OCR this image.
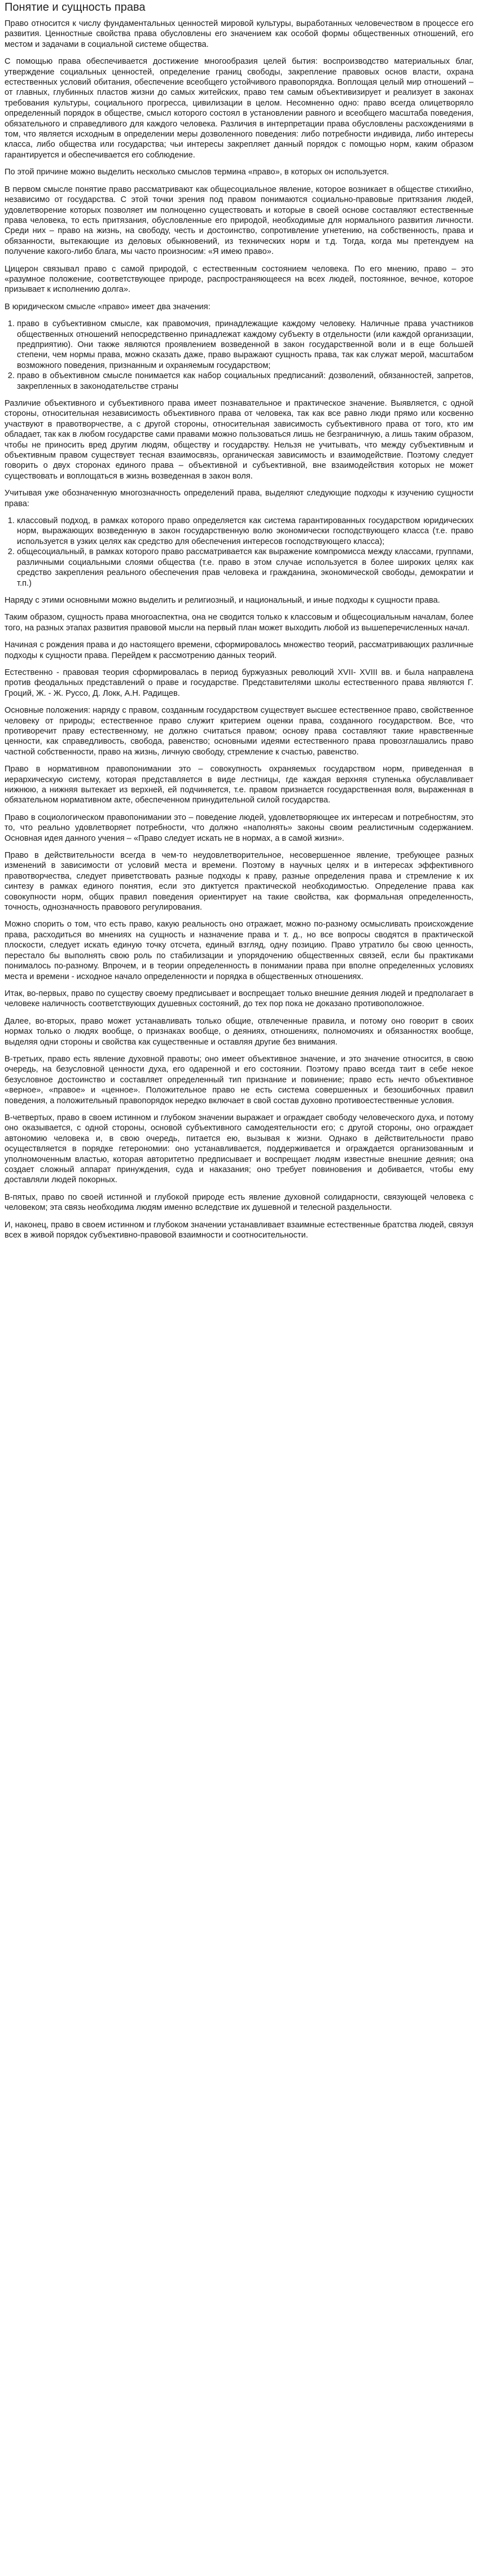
Понятие и сущность права

Право относится к числу фундаментальных ценностей мировой культуры, выработанных человечеством в процессе его развития. Ценностные свойства права обусловлены его значением как особой формы общественных отношений, его местом и задачами в социальной системе общества.

С помощью права обеспечивается достижение многообразия целей бытия: воспроизводство материальных благ, утверждение социальных ценностей, определение границ свободы, закрепление правовых основ власти, охрана естественных условий обитания, обеспечение всеобщего устойчивого правопорядка. Воплощая целый мир отношений – от главных, глубинных пластов жизни до самых житейских, право тем самым объективизирует и реализует в законах требования культуры, социального прогресса, цивилизации в целом. Несомненно одно: право всегда олицетворяло определенный порядок в обществе, смысл которого состоял в установлении равного и всеобщего масштаба поведения, обязательного и справедливого для каждого человека. Различия в интерпретации права обусловлены расхождениями в том, что является исходным в определении меры дозволенного поведения: либо потребности индивида, либо интересы класса, либо общества или государства; чьи интересы закрепляет данный порядок с помощью норм, каким образом гарантируется и обеспечивается его соблюдение.

По этой причине можно выделить несколько смыслов термина «право», в которых он используется.

В первом смысле понятие право рассматривают как общесоциальное явление, которое возникает в обществе стихийно, независимо от государства. С этой точки зрения под правом понимаются социально-правовые притязания людей, удовлетворение которых позволяет им полноценно существовать и которые в своей основе составляют естественные права человека, то есть притязания, обусловленные его природой, необходимые для нормального развития личности. Среди них – право на жизнь, на свободу, честь и достоинство, сопротивление угнетению, на собственность, права и обязанности, вытекающие из деловых обыкновений, из технических норм и т.д. Тогда, когда мы претендуем на получение какого-либо блага, мы часто произносим: «Я имею право».

Цицерон связывал право с самой природой, с естественным состоянием человека. По его мнению, право – это «разумное положение, соответствующее природе, распространяющееся на всех людей, постоянное, вечное, которое призывает к исполнению долга».

В юридическом смысле «право» имеет два значения:

1. право в субъективном смысле, как правомочия, принадлежащие каждому человеку. Наличные права участников общественных отношений непосредственно принадлежат каждому субъекту в отдельности (или каждой организации, предприятию). Они также являются проявлением возведенной в закон государственной воли и в еще большей степени, чем нормы права, можно сказать даже, право выражают сущность права, так как служат мерой, масштабом возможного поведения, признанным и охраняемым государством;
2. право в объективном смысле понимается как набор социальных предписаний: дозволений, обязанностей, запретов, закрепленных в законодательстве страны

Различие объективного и субъективного права имеет познавательное и практическое значение. Выявляется, с одной стороны, относительная независимость объективного права от человека, так как все равно люди прямо или косвенно участвуют в правотворчестве, а с другой стороны, относительная зависимость субъективного права от того, кто им обладает, так как в любом государстве сами правами можно пользоваться лишь не безграничную, а лишь таким образом, чтобы не приносить вред другим людям, обществу и государству. Нельзя не учитывать, что между субъективным и объективным правом существует тесная взаимосвязь, органическая зависимость и взаимодействие. Поэтому следует говорить о двух сторонах единого права – объективной и субъективной, вне взаимодействия которых не может существовать и воплощаться в жизнь возведенная в закон воля.

Учитывая уже обозначенную многозначность определений права, выделяют следующие подходы к изучению сущности права:

1. классовый подход, в рамках которого право определяется как система гарантированных государством юридических норм, выражающих возведенную в закон государственную волю экономически господствующего класса (т.е. право используется в узких целях как средство для обеспечения интересов господствующего класса);
2. общесоциальный, в рамках которого право рассматривается как выражение компромисса между классами, группами, различными социальными слоями общества (т.е. право в этом случае используется в более широких целях как средство закрепления реального обеспечения прав человека и гражданина, экономической свободы, демократии и т.п.)

Наряду с этими основными можно выделить и религиозный, и национальный, и иные подходы к сущности права.

Таким образом, сущность права многоаспектна, она не сводится только к классовым и общесоциальным началам, более того, на разных этапах развития правовой мысли на первый план может выходить любой из вышеперечисленных начал.

Начиная с рождения права и до настоящего времени, сформировалось множество теорий, рассматривающих различные подходы к сущности права. Перейдем к рассмотрению данных теорий.

Естественно - правовая теория сформировалась в период буржуазных революций XVII- XVIII вв. и была направлена против феодальных представлений о праве и государстве. Представителями школы естественного права являются Г. Гроций, Ж. - Ж. Руссо, Д. Локк, А.Н. Радищев.

Основные положения: наряду с правом, созданным государством существует высшее естественное право, свойственное человеку от природы; естественное право служит критерием оценки права, созданного государством. Все, что противоречит праву естественному, не должно считаться правом; основу права составляют такие нравственные ценности, как справедливость, свобода, равенство; основными идеями естественного права провозглашались право частной собственности, право на жизнь, личную свободу, стремление к счастью, равенство.

Право в нормативном правопонимании это – совокупность охраняемых государством норм, приведенная в иерархическую систему, которая представляется в виде лестницы, где каждая верхняя ступенька обуславливает нижнюю, а нижняя вытекает из верхней, ей подчиняется, т.е. правом признается государственная воля, выраженная в обязательном нормативном акте, обеспеченном принудительной силой государства.

Право в социологическом правопонимании это – поведение людей, удовлетворяющее их интересам и потребностям, это то, что реально удовлетворяет потребности, что должно «наполнять» законы своим реалистичным содержанием. Основная идея данного учения – «Право следует искать не в нормах, а в самой жизни».

Право в действительности всегда в чем-то неудовлетворительное, несовершенное явление, требующее разных изменений в зависимости от условий места и времени. Поэтому в научных целях и в интересах эффективного правотворчества, следует приветствовать разные подходы к праву, разные определения права и стремление к их синтезу в рамках единого понятия, если это диктуется практической необходимостью. Определение права как совокупности норм, общих правил поведения ориентирует на такие свойства, как формальная определенность, точность, однозначность правового регулирования.

Можно спорить о том, что есть право, какую реальность оно отражает, можно по-разному осмысливать происхождение права, расходиться во мнениях на сущность и назначение права и т. д., но все вопросы сводятся в практической плоскости, следует искать единую точку отсчета, единый взгляд, одну позицию. Право утратило бы свою ценность, перестало бы выполнять свою роль по стабилизации и упорядочению общественных связей, если бы практиками понималось по-разному. Впрочем, и в теории определенность в понимании права при вполне определенных условиях места и времени - исходное начало определенности и порядка в общественных отношениях.

Итак, во-первых, право по существу своему предписывает и воспрещает только внешние деяния людей и предполагает в человеке наличность соответствующих душевных состояний, до тех пор пока не доказано противоположное.

Далее, во-вторых, право может устанавливать только общие, отвлеченные правила, и потому оно говорит в своих нормах только о людях вообще, о признаках вообще, о деяниях, отношениях, полномочиях и обязанностях вообще, выделяя одни стороны и свойства как существенные и оставляя другие без внимания.

В-третьих, право есть явление духовной правоты; оно имеет объективное значение, и это значение относится, в свою очередь, на безусловной ценности духа, его одаренной и его состоянии. Поэтому право всегда таит в себе некое безусловное достоинство и составляет определенный тип признание и повинение; право есть нечто объективное «верное», «правое» и «ценное». Положительное право не есть система совершенных и безошибочных правил поведения, а положительный правопорядок нередко включает в свой состав духовно противоестественные условия.

В-четвертых, право в своем истинном и глубоком значении выражает и ограждает свободу человеческого духа, и потому оно оказывается, с одной стороны, основой субъективного самодеятельности его; с другой стороны, оно ограждает автономию человека и, в свою очередь, питается ею, вызывая к жизни. Однако в действительности право осуществляется в порядке гетерономии: оно устанавливается, поддерживается и ограждается организованным и уполномоченным властью, которая авторитетно предписывает и воспрещает людям известные внешние деяния; она создает сложный аппарат принуждения, суда и наказания; оно требует повиновения и добивается, чтобы ему доставляли людей покорных.

В-пятых, право по своей истинной и глубокой природе есть явление духовной солидарности, связующей человека с человеком; эта связь необходима людям именно вследствие их душевной и телесной раздельности.

И, наконец, право в своем истинном и глубоком значении устанавливает взаимные естественные братства людей, связуя всех в живой порядок субъективно-правовой взаимности и соотносительности.
